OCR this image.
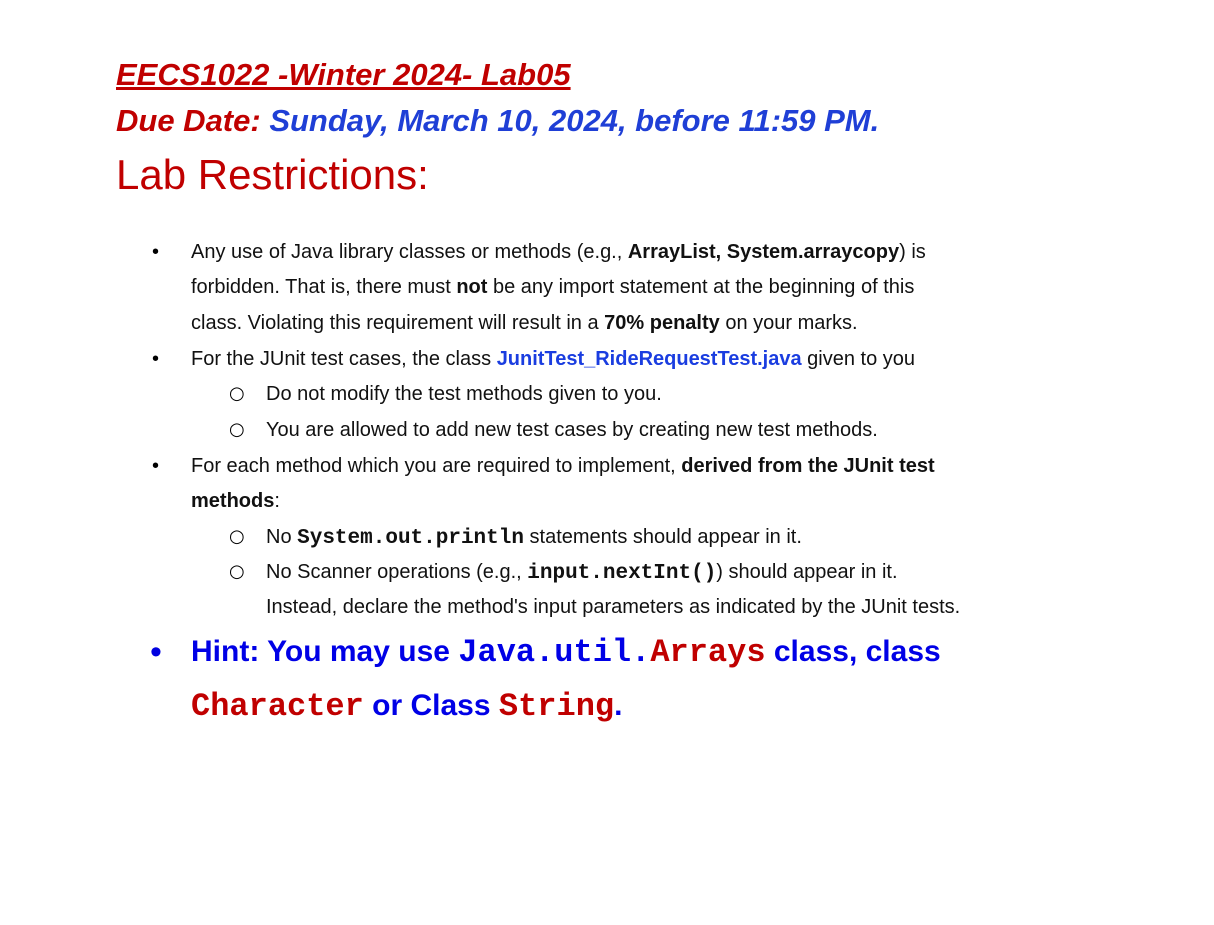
EECS1022 -Winter 2024- Lab05

Due Date: Sunday, March 10, 2024, before 11:59 PM.

Lab Restrictions:
• Any use of Java library classes or methods (e.g., ArrayList, System.arraycopy) is

forbidden. That is, there must not be any import statement at the beginning of this

class. Violating this requirement will result in a 70% penalty on your marks.

• For the JUnit test cases, the class JunitTest_RideRequestTest.java given to you

○ Do not modify the test methods given to you.

○ You are allowed to add new test cases by creating new test methods.

• For each method which you are required to implement, derived from the JUnit test

methods:

○ No System.out.println statements should appear in it.

○ No Scanner operations (e.g., input.nextInt()) should appear in it.

Instead, declare the method's input parameters as indicated by the JUnit tests.

• Hint: You may use Java.util.Arrays class, class

Character or Class String.
